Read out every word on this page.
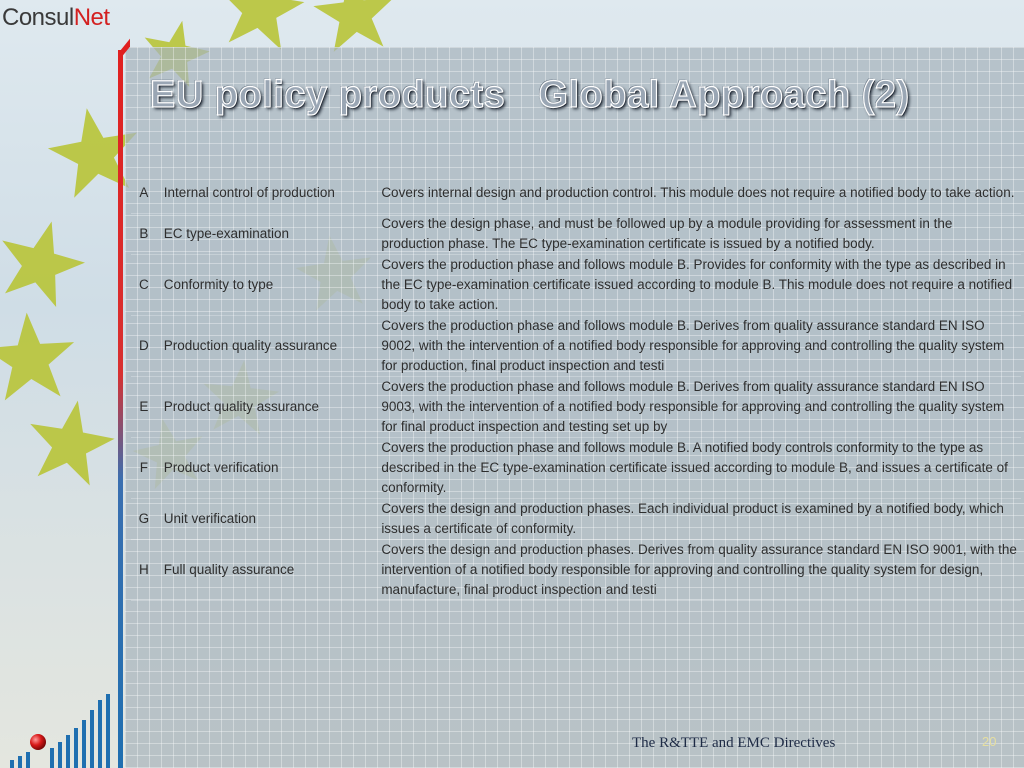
ConsulNet
EU policy products   Global Approach (2)
A	Internal control of production	Covers internal design and production control. This module does not require a notified body to take action.
B	EC type-examination	Covers the design phase, and must be followed up by a module providing for assessment in the production phase. The EC type-examination certificate is issued by a notified body.
C	Conformity to type	Covers the production phase and follows module B. Provides for conformity with the type as described in the EC type-examination certificate issued according to module B. This module does not require a notified body to take action.
D	Production quality assurance	Covers the production phase and follows module B. Derives from quality assurance standard EN ISO 9002, with the intervention of a notified body responsible for approving and controlling the quality system for production, final product inspection and testi
E	Product quality assurance	Covers the production phase and follows module B. Derives from quality assurance standard EN ISO 9003, with the intervention of a notified body responsible for approving and controlling the quality system for final product inspection and testing set up by
F	Product verification	Covers the production phase and follows module B. A notified body controls conformity to the type as described in the EC type-examination certificate issued according to module B, and issues a certificate of conformity.
G	Unit verification	Covers the design and production phases. Each individual product is examined by a notified body, which issues a certificate of conformity.
H	Full quality assurance	Covers the design and production phases. Derives from quality assurance standard EN ISO 9001, with the intervention of a notified body responsible for approving and controlling the quality system for design, manufacture, final product inspection and testi
The R&TTE and EMC Directives	20
